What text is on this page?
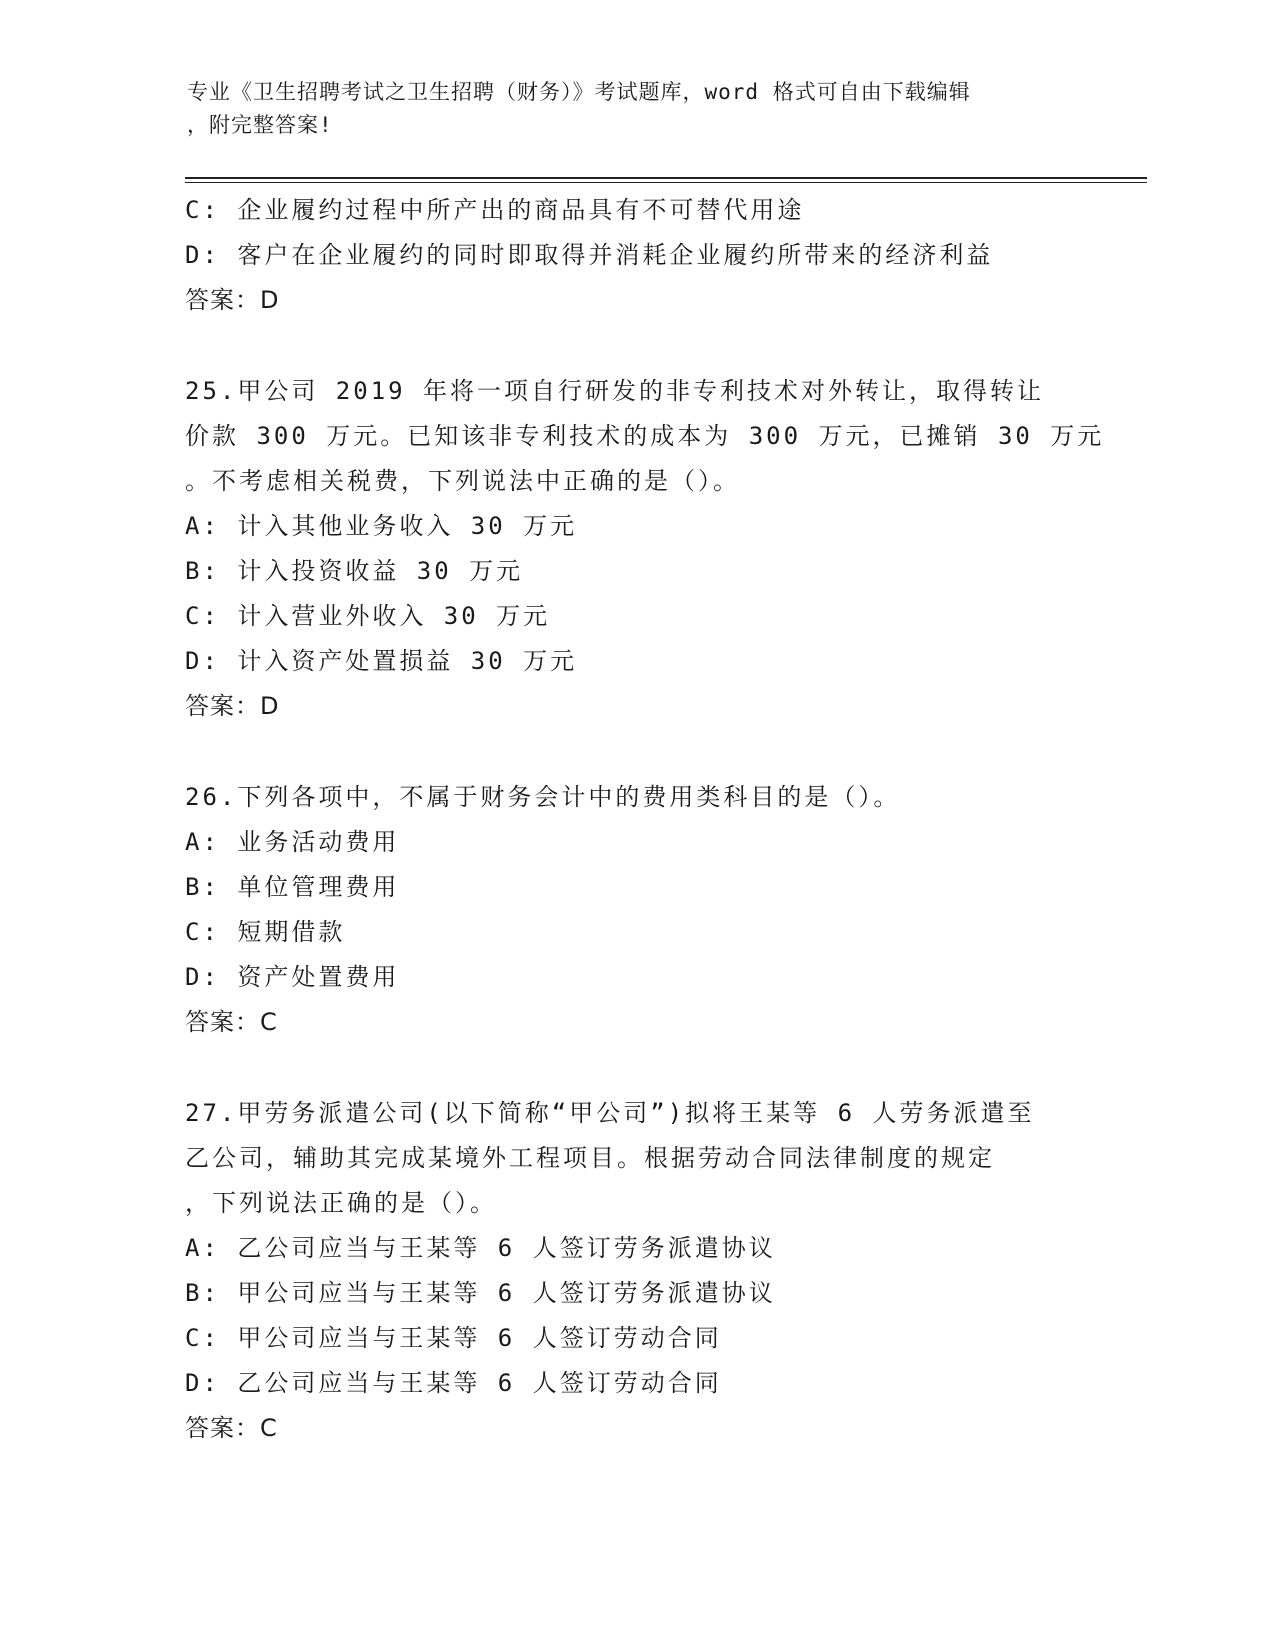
专业《卫生招聘考试之卫生招聘（财务）》考试题库，word 格式可自由下载编辑
，附完整答案!
C: 企业履约过程中所产出的商品具有不可替代用途
D: 客户在企业履约的同时即取得并消耗企业履约所带来的经济利益
答案：D
25.甲公司 2019 年将一项自行研发的非专利技术对外转让，取得转让
价款 300 万元。已知该非专利技术的成本为 300 万元，已摊销 30 万元
。不考虑相关税费，下列说法中正确的是（）。
A: 计入其他业务收入 30 万元
B: 计入投资收益 30 万元
C: 计入营业外收入 30 万元
D: 计入资产处置损益 30 万元
答案：D
26.下列各项中，不属于财务会计中的费用类科目的是（）。
A: 业务活动费用
B: 单位管理费用
C: 短期借款
D: 资产处置费用
答案：C
27.甲劳务派遣公司(以下简称“甲公司”)拟将王某等 6 人劳务派遣至
乙公司，辅助其完成某境外工程项目。根据劳动合同法律制度的规定
，下列说法正确的是（）。
A: 乙公司应当与王某等 6 人签订劳务派遣协议
B: 甲公司应当与王某等 6 人签订劳务派遣协议
C: 甲公司应当与王某等 6 人签订劳动合同
D: 乙公司应当与王某等 6 人签订劳动合同
答案：C
